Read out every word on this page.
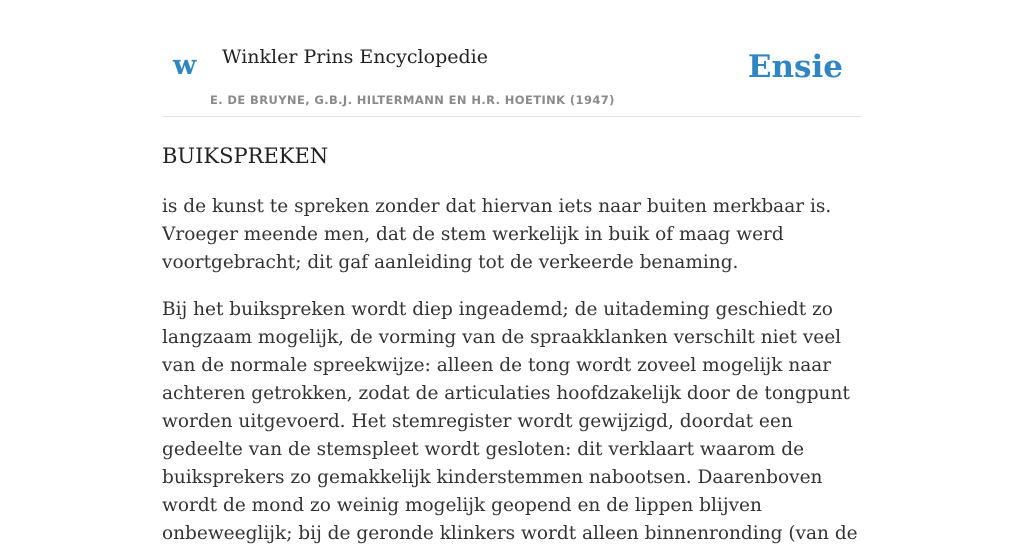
w Winkler Prins Encyclopedie
E. DE BRUYNE, G.B.J. HILTERMANN EN H.R. HOETINK (1947)
Ensie
BUIKSPREKEN

is de kunst te spreken zonder dat hiervan iets naar buiten merkbaar is. Vroeger meende men, dat de stem werkelijk in buik of maag werd voortgebracht; dit gaf aanleiding tot de verkeerde benaming.

Bij het buikspreken wordt diep ingeademd; de uitademing geschiedt zo langzaam mogelijk, de vorming van de spraakklanken verschilt niet veel van de normale spreekwijze: alleen de tong wordt zoveel mogelijk naar achteren getrokken, zodat de articulaties hoofdzakelijk door de tongpunt worden uitgevoerd. Het stemregister wordt gewijzigd, doordat een gedeelte van de stemspleet wordt gesloten: dit verklaart waarom de buiksprekers zo gemakkelijk kinderstemmen nabootsen. Daarenboven wordt de mond zo weinig mogelijk geopend en de lippen blijven onbeweeglijk; bij de geronde klinkers wordt alleen binnenronding (van de
